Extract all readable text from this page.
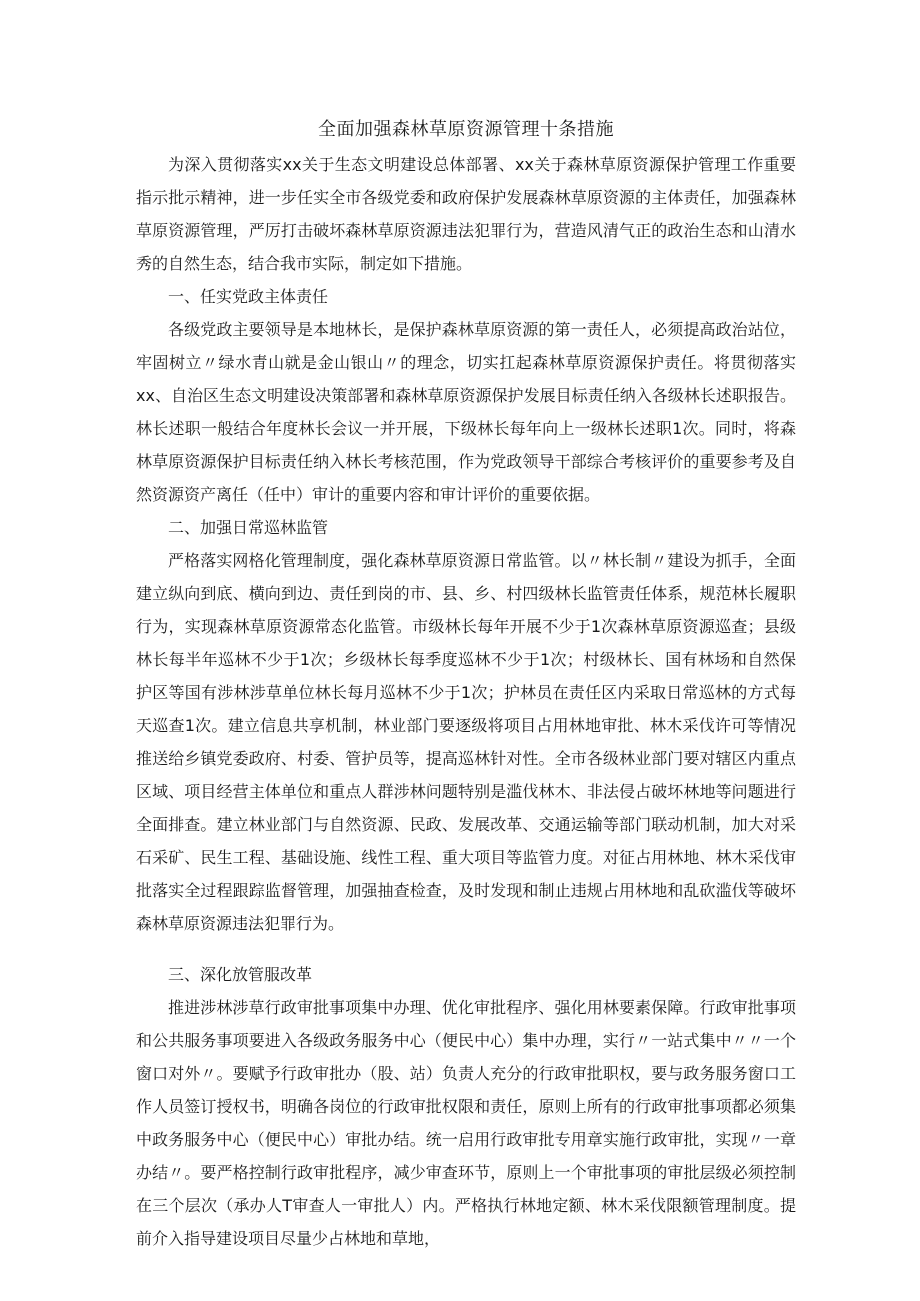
全面加强森林草原资源管理十条措施

为深入贯彻落实xx关于生态文明建设总体部署、xx关于森林草原资源保护管理工作重要指示批示精神，进一步任实全市各级党委和政府保护发展森林草原资源的主体责任，加强森林草原资源管理，严厉打击破坏森林草原资源违法犯罪行为，营造风清气正的政治生态和山清水秀的自然生态，结合我市实际，制定如下措施。

一、任实党政主体责任

各级党政主要领导是本地林长，是保护森林草原资源的第一责任人，必须提高政治站位，牢固树立〃绿水青山就是金山银山〃的理念，切实扛起森林草原资源保护责任。将贯彻落实xx、自治区生态文明建设决策部署和森林草原资源保护发展目标责任纳入各级林长述职报告。林长述职一般结合年度林长会议一并开展，下级林长每年向上一级林长述职1次。同时，将森林草原资源保护目标责任纳入林长考核范围，作为党政领导干部综合考核评价的重要参考及自然资源资产离任（任中）审计的重要内容和审计评价的重要依据。

二、加强日常巡林监管

严格落实网格化管理制度，强化森林草原资源日常监管。以〃林长制〃建设为抓手，全面建立纵向到底、横向到边、责任到岗的市、县、乡、村四级林长监管责任体系，规范林长履职行为，实现森林草原资源常态化监管。市级林长每年开展不少于1次森林草原资源巡查；县级林长每半年巡林不少于1次；乡级林长每季度巡林不少于1次；村级林长、国有林场和自然保护区等国有涉林涉草单位林长每月巡林不少于1次；护林员在责任区内采取日常巡林的方式每天巡查1次。建立信息共享机制，林业部门要逐级将项目占用林地审批、林木采伐许可等情况推送给乡镇党委政府、村委、管护员等，提高巡林针对性。全市各级林业部门要对辖区内重点区域、项目经营主体单位和重点人群涉林问题特别是滥伐林木、非法侵占破坏林地等问题进行全面排查。建立林业部门与自然资源、民政、发展改革、交通运输等部门联动机制，加大对采石采矿、民生工程、基础设施、线性工程、重大项目等监管力度。对征占用林地、林木采伐审批落实全过程跟踪监督管理，加强抽查检查，及时发现和制止违规占用林地和乱砍滥伐等破坏森林草原资源违法犯罪行为。

三、深化放管服改革

推进涉林涉草行政审批事项集中办理、优化审批程序、强化用林要素保障。行政审批事项和公共服务事项要进入各级政务服务中心（便民中心）集中办理，实行〃一站式集中〃〃一个窗口对外〃。要赋予行政审批办（股、站）负责人充分的行政审批职权，要与政务服务窗口工作人员签订授权书，明确各岗位的行政审批权限和责任，原则上所有的行政审批事项都必须集中政务服务中心（便民中心）审批办结。统一启用行政审批专用章实施行政审批，实现〃一章办结〃。要严格控制行政审批程序，减少审查环节，原则上一个审批事项的审批层级必须控制在三个层次（承办人T审查人一审批人）内。严格执行林地定额、林木采伐限额管理制度。提前介入指导建设项目尽量少占林地和草地，
